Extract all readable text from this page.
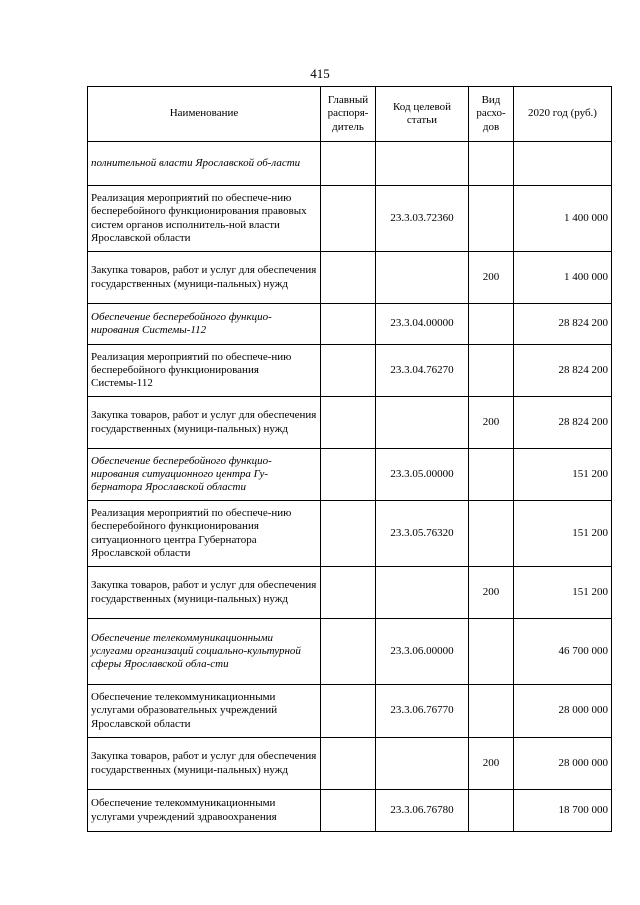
415
Наименование	Главный распоря-дитель	Код целевой статьи	Вид расхо-дов	2020 год (руб.)
полнительной власти Ярославской об-ласти				
Реализация мероприятий по обеспече-нию бесперебойного функционирования правовых систем органов исполнитель-ной власти Ярославской области		23.3.03.72360		1 400 000
Закупка товаров, работ и услуг для обеспечения государственных (муници-пальных) нужд			200	1 400 000
Обеспечение бесперебойного функцио-нирования Системы-112		23.3.04.00000		28 824 200
Реализация мероприятий по обеспече-нию бесперебойного функционирования Системы-112		23.3.04.76270		28 824 200
Закупка товаров, работ и услуг для обеспечения государственных (муници-пальных) нужд			200	28 824 200
Обеспечение бесперебойного функцио-нирования ситуационного центра Гу-бернатора Ярославской области		23.3.05.00000		151 200
Реализация мероприятий по обеспече-нию бесперебойного функционирования ситуационного центра Губернатора Ярославской области		23.3.05.76320		151 200
Закупка товаров, работ и услуг для обеспечения государственных (муници-пальных) нужд			200	151 200
Обеспечение телекоммуникационными услугами организаций социально-культурной сферы Ярославской обла-сти		23.3.06.00000		46 700 000
Обеспечение телекоммуникационными услугами образовательных учреждений Ярославской области		23.3.06.76770		28 000 000
Закупка товаров, работ и услуг для обеспечения государственных (муници-пальных) нужд			200	28 000 000
Обеспечение телекоммуникационными услугами учреждений здравоохранения		23.3.06.76780		18 700 000
